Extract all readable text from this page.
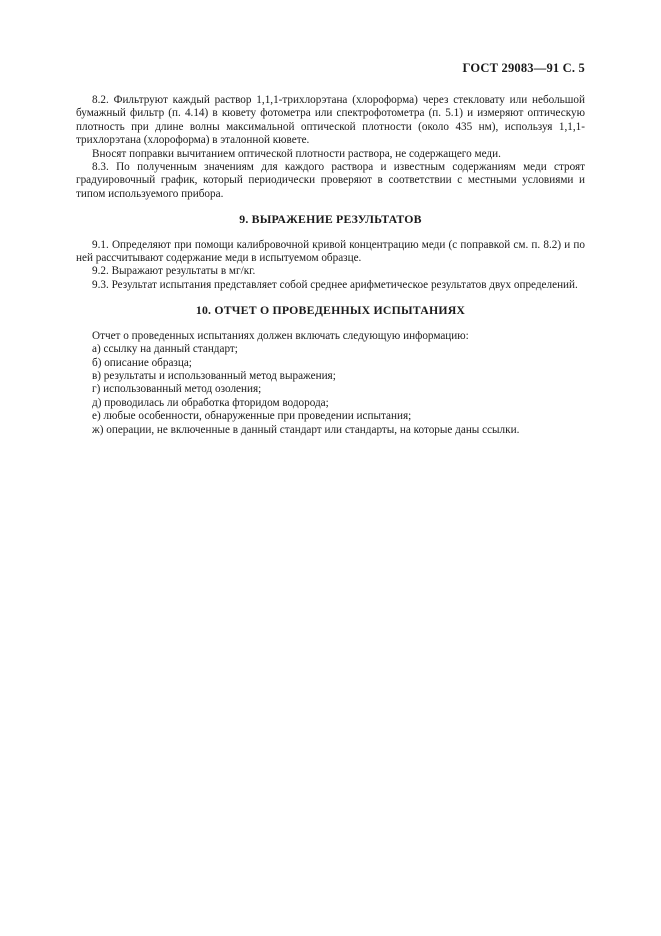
ГОСТ 29083—91 С. 5

8.2. Фильтруют каждый раствор 1,1,1-трихлорэтана (хлороформа) через стекловату или небольшой бумажный фильтр (п. 4.14) в кювету фотометра или спектрофотометра (п. 5.1) и измеряют оптическую плотность при длине волны максимальной оптической плотности (около 435 нм), используя 1,1,1-трихлорэтана (хлороформа) в эталонной кювете.

Вносят поправки вычитанием оптической плотности раствора, не содержащего меди.

8.3. По полученным значениям для каждого раствора и известным содержаниям меди строят градуировочный график, который периодически проверяют в соответствии с местными условиями и типом используемого прибора.

9. ВЫРАЖЕНИЕ РЕЗУЛЬТАТОВ

9.1. Определяют при помощи калибровочной кривой концентрацию меди (с поправкой см. п. 8.2) и по ней рассчитывают содержание меди в испытуемом образце.

9.2. Выражают результаты в мг/кг.

9.3. Результат испытания представляет собой среднее арифметическое результатов двух определений.

10. ОТЧЕТ О ПРОВЕДЕННЫХ ИСПЫТАНИЯХ

Отчет о проведенных испытаниях должен включать следующую информацию:

а) ссылку на данный стандарт;

б) описание образца;

в) результаты и использованный метод выражения;

г) использованный метод озоления;

д) проводилась ли обработка фторидом водорода;

е) любые особенности, обнаруженные при проведении испытания;

ж) операции, не включенные в данный стандарт или стандарты, на которые даны ссылки.
